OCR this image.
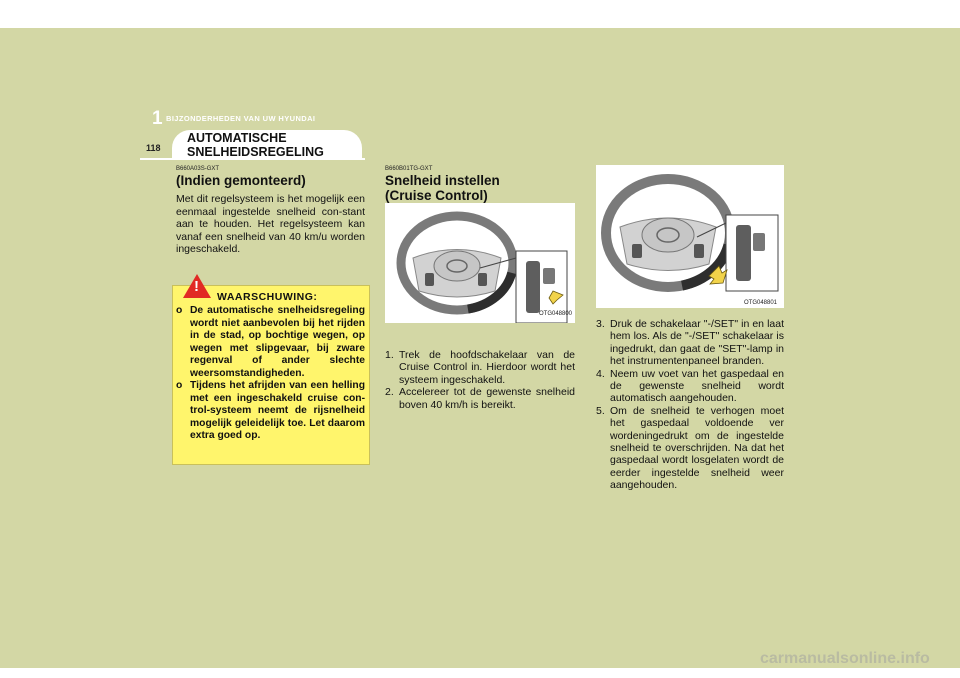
1 BIJZONDERHEDEN VAN UW HYUNDAI
118
AUTOMATISCHE
SNELHEIDSREGELING
B660A03S-GXT
(Indien gemonteerd)
Met dit regelsysteem is het mogelijk een eenmaal ingestelde snelheid con-stant aan te houden. Het regelsysteem kan vanaf een snelheid van 40 km/u worden ingeschakeld.
!
WAARSCHUWING:
o De automatische snelheidsregeling wordt niet aanbevolen bij het rijden in de stad, op bochtige wegen, op wegen met slipgevaar, bij zware regenval of ander slechte weersomstandigheden.
o Tijdens het afrijden van een helling met een ingeschakeld cruise con-trol-systeem neemt de rijsnelheid mogelijk geleidelijk toe. Let daarom extra goed op.
B660B01TG-GXT
Snelheid instellen
(Cruise Control)
OTG048800
1. Trek de hoofdschakelaar van de Cruise Control in. Hierdoor wordt het systeem ingeschakeld.
2. Accelereer tot de gewenste snelheid boven 40 km/h is bereikt.
OTG048801
3. Druk de schakelaar "-/SET" in en laat hem los. Als de "-/SET" schakelaar is ingedrukt, dan gaat de "SET"-lamp in het instrumentenpaneel branden.
4. Neem uw voet van het gaspedaal en de gewenste snelheid wordt automatisch aangehouden.
5. Om de snelheid te verhogen moet het gaspedaal voldoende ver wordeningedrukt om de ingestelde snelheid te overschrijden. Na dat het gaspedaal wordt losgelaten wordt de eerder ingestelde snelheid weer aangehouden.
carmanualsonline.info
